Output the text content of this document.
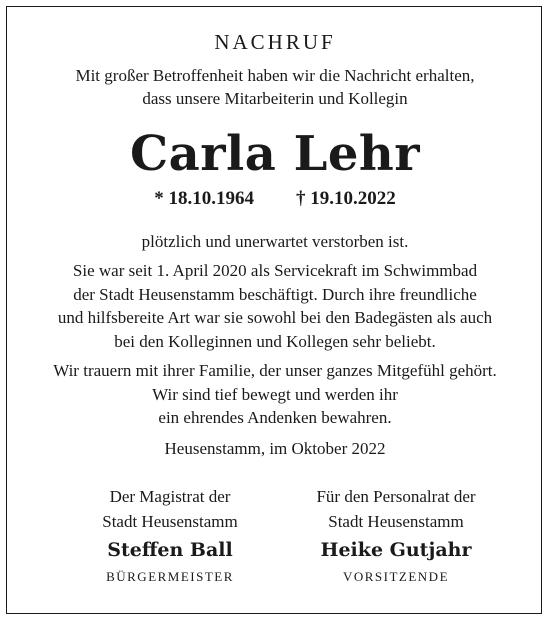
NACHRUF
Mit großer Betroffenheit haben wir die Nachricht erhalten,
dass unsere Mitarbeiterin und Kollegin
Carla Lehr
* 18.10.1964 † 19.10.2022
plötzlich und unerwartet verstorben ist.
Sie war seit 1. April 2020 als Servicekraft im Schwimmbad
der Stadt Heusenstamm beschäftigt. Durch ihre freundliche
und hilfsbereite Art war sie sowohl bei den Badegästen als auch
bei den Kolleginnen und Kollegen sehr beliebt.
Wir trauern mit ihrer Familie, der unser ganzes Mitgefühl gehört.
Wir sind tief bewegt und werden ihr
ein ehrendes Andenken bewahren.
Heusenstamm, im Oktober 2022
Der Magistrat der
Stadt Heusenstamm
Steffen Ball
BÜRGERMEISTER
Für den Personalrat der
Stadt Heusenstamm
Heike Gutjahr
VORSITZENDE
